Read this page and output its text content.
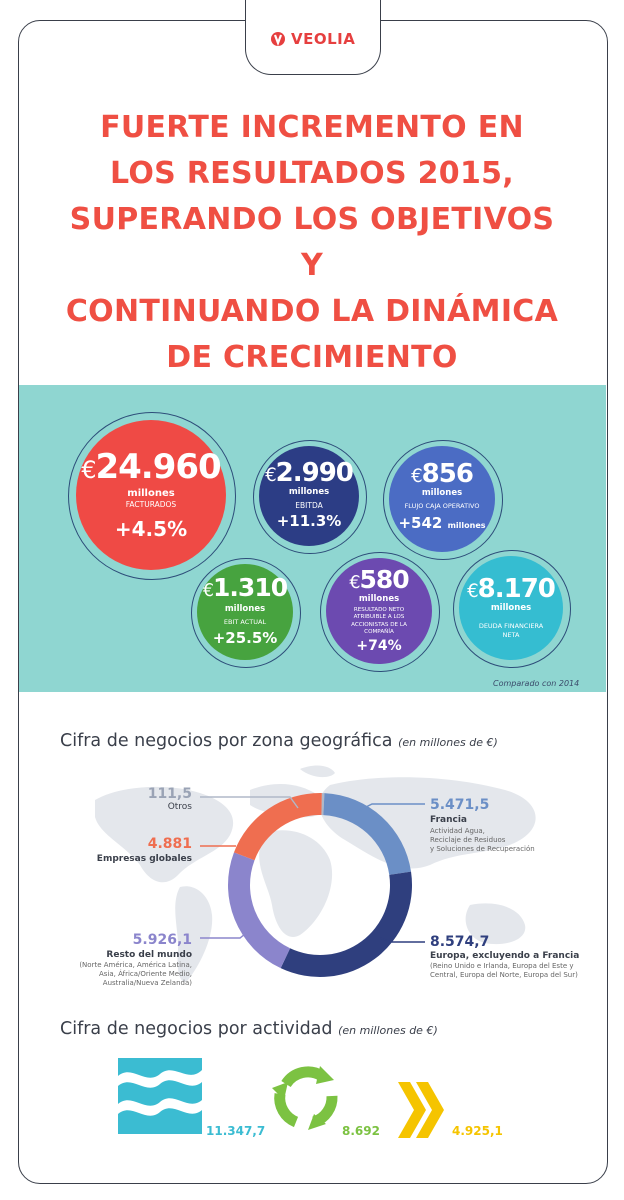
VEOLIA
FUERTE INCREMENTO EN
LOS RESULTADOS 2015,
SUPERANDO LOS OBJETIVOS
Y
CONTINUANDO LA DINÁMICA
DE CRECIMIENTO
€24.960
millones
FACTURADOS
+4.5%
€2.990
millones
EBITDA
+11.3%
€856
millones
FLUJO CAJA OPERATIVO
+542 millones
€1.310
millones
EBIT ACTUAL
+25.5%
€580
millones
RESULTADO NETO ATRIBUIBLE A LOS ACCIONISTAS DE LA COMPAÑÍA
+74%
€8.170
millones
DEUDA FINANCIERA NETA
Comparado con 2014
Cifra de negocios por zona geográfica (en millones de €)
111,5
Otros	5.471,5
Francia
Actividad Agua,
Reciclaje de Residuos
y Soluciones de Recuperación
8.574,7
Europa, excluyendo a Francia
(Reino Unido e Irlanda, Europa del Este y
Central, Europa del Norte, Europa del Sur)
5.926,1
Resto del mundo
(Norte América, América Latina,
Asia, África/Oriente Medio,
Australia/Nueva Zelanda)
4.881
Empresas globales
Cifra de negocios por actividad (en millones de €)
11.347,7	8.692	4.925,1
